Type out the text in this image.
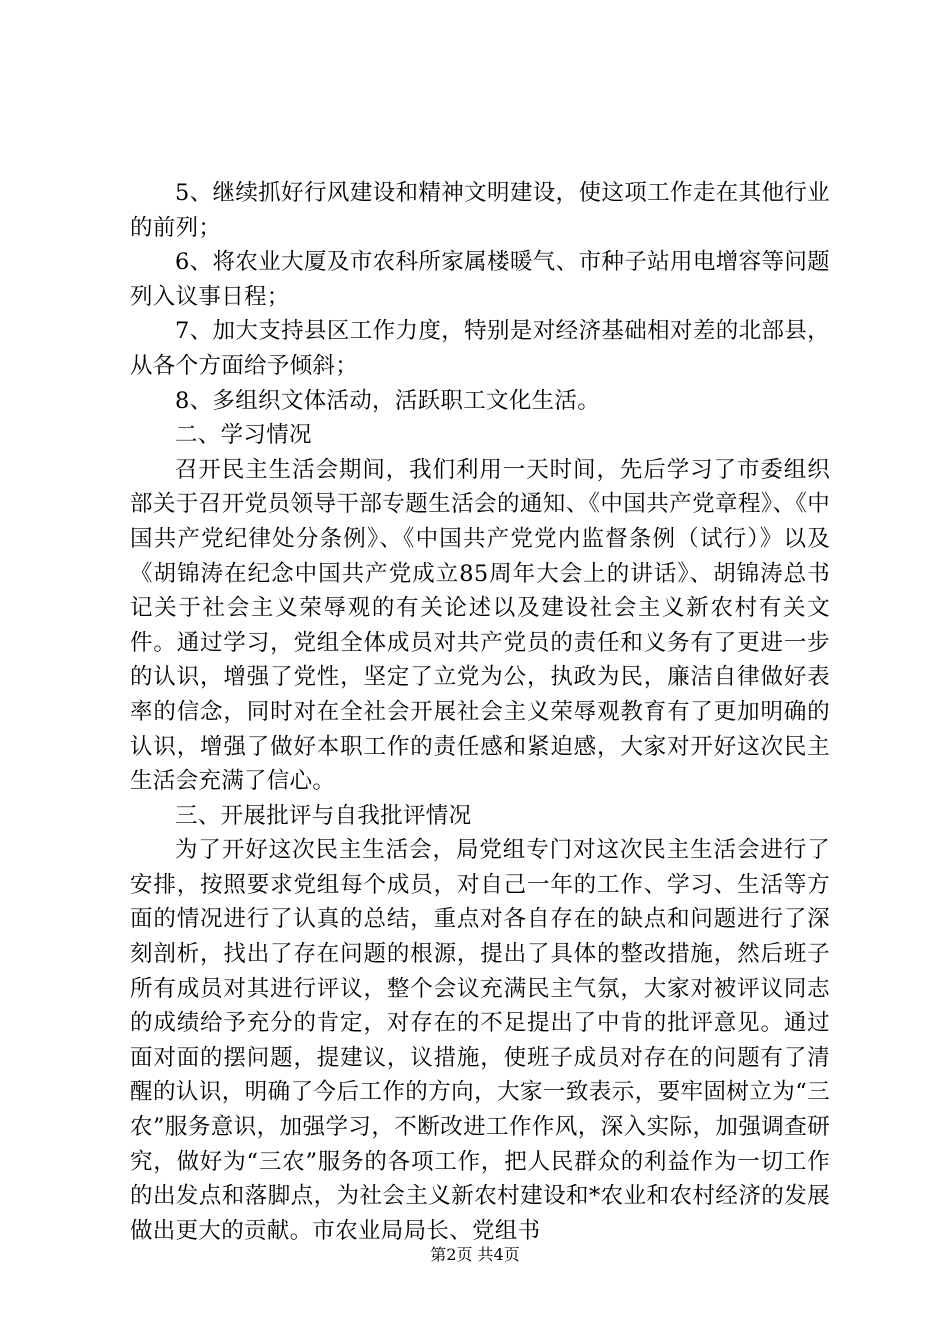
5、继续抓好行风建设和精神文明建设，使这项工作走在其他行业的前列；

6、将农业大厦及市农科所家属楼暖气、市种子站用电增容等问题列入议事日程；

7、加大支持县区工作力度，特别是对经济基础相对差的北部县，从各个方面给予倾斜；

8、多组织文体活动，活跃职工文化生活。

二、学习情况

召开民主生活会期间，我们利用一天时间，先后学习了市委组织部关于召开党员领导干部专题生活会的通知、《中国共产党章程》、《中国共产党纪律处分条例》、《中国共产党党内监督条例（试行）》以及《胡锦涛在纪念中国共产党成立85周年大会上的讲话》、胡锦涛总书记关于社会主义荣辱观的有关论述以及建设社会主义新农村有关文件。通过学习，党组全体成员对共产党员的责任和义务有了更进一步的认识，增强了党性，坚定了立党为公，执政为民，廉洁自律做好表率的信念，同时对在全社会开展社会主义荣辱观教育有了更加明确的认识，增强了做好本职工作的责任感和紧迫感，大家对开好这次民主生活会充满了信心。

三、开展批评与自我批评情况

为了开好这次民主生活会，局党组专门对这次民主生活会进行了安排，按照要求党组每个成员，对自己一年的工作、学习、生活等方面的情况进行了认真的总结，重点对各自存在的缺点和问题进行了深刻剖析，找出了存在问题的根源，提出了具体的整改措施，然后班子所有成员对其进行评议，整个会议充满民主气氛，大家对被评议同志的成绩给予充分的肯定，对存在的不足提出了中肯的批评意见。通过面对面的摆问题，提建议，议措施，使班子成员对存在的问题有了清醒的认识，明确了今后工作的方向，大家一致表示，要牢固树立为“三农”服务意识，加强学习，不断改进工作作风，深入实际，加强调查研究，做好为“三农”服务的各项工作，把人民群众的利益作为一切工作的出发点和落脚点，为社会主义新农村建设和*农业和农村经济的发展做出更大的贡献。市农业局局长、党组书

第2页 共4页
